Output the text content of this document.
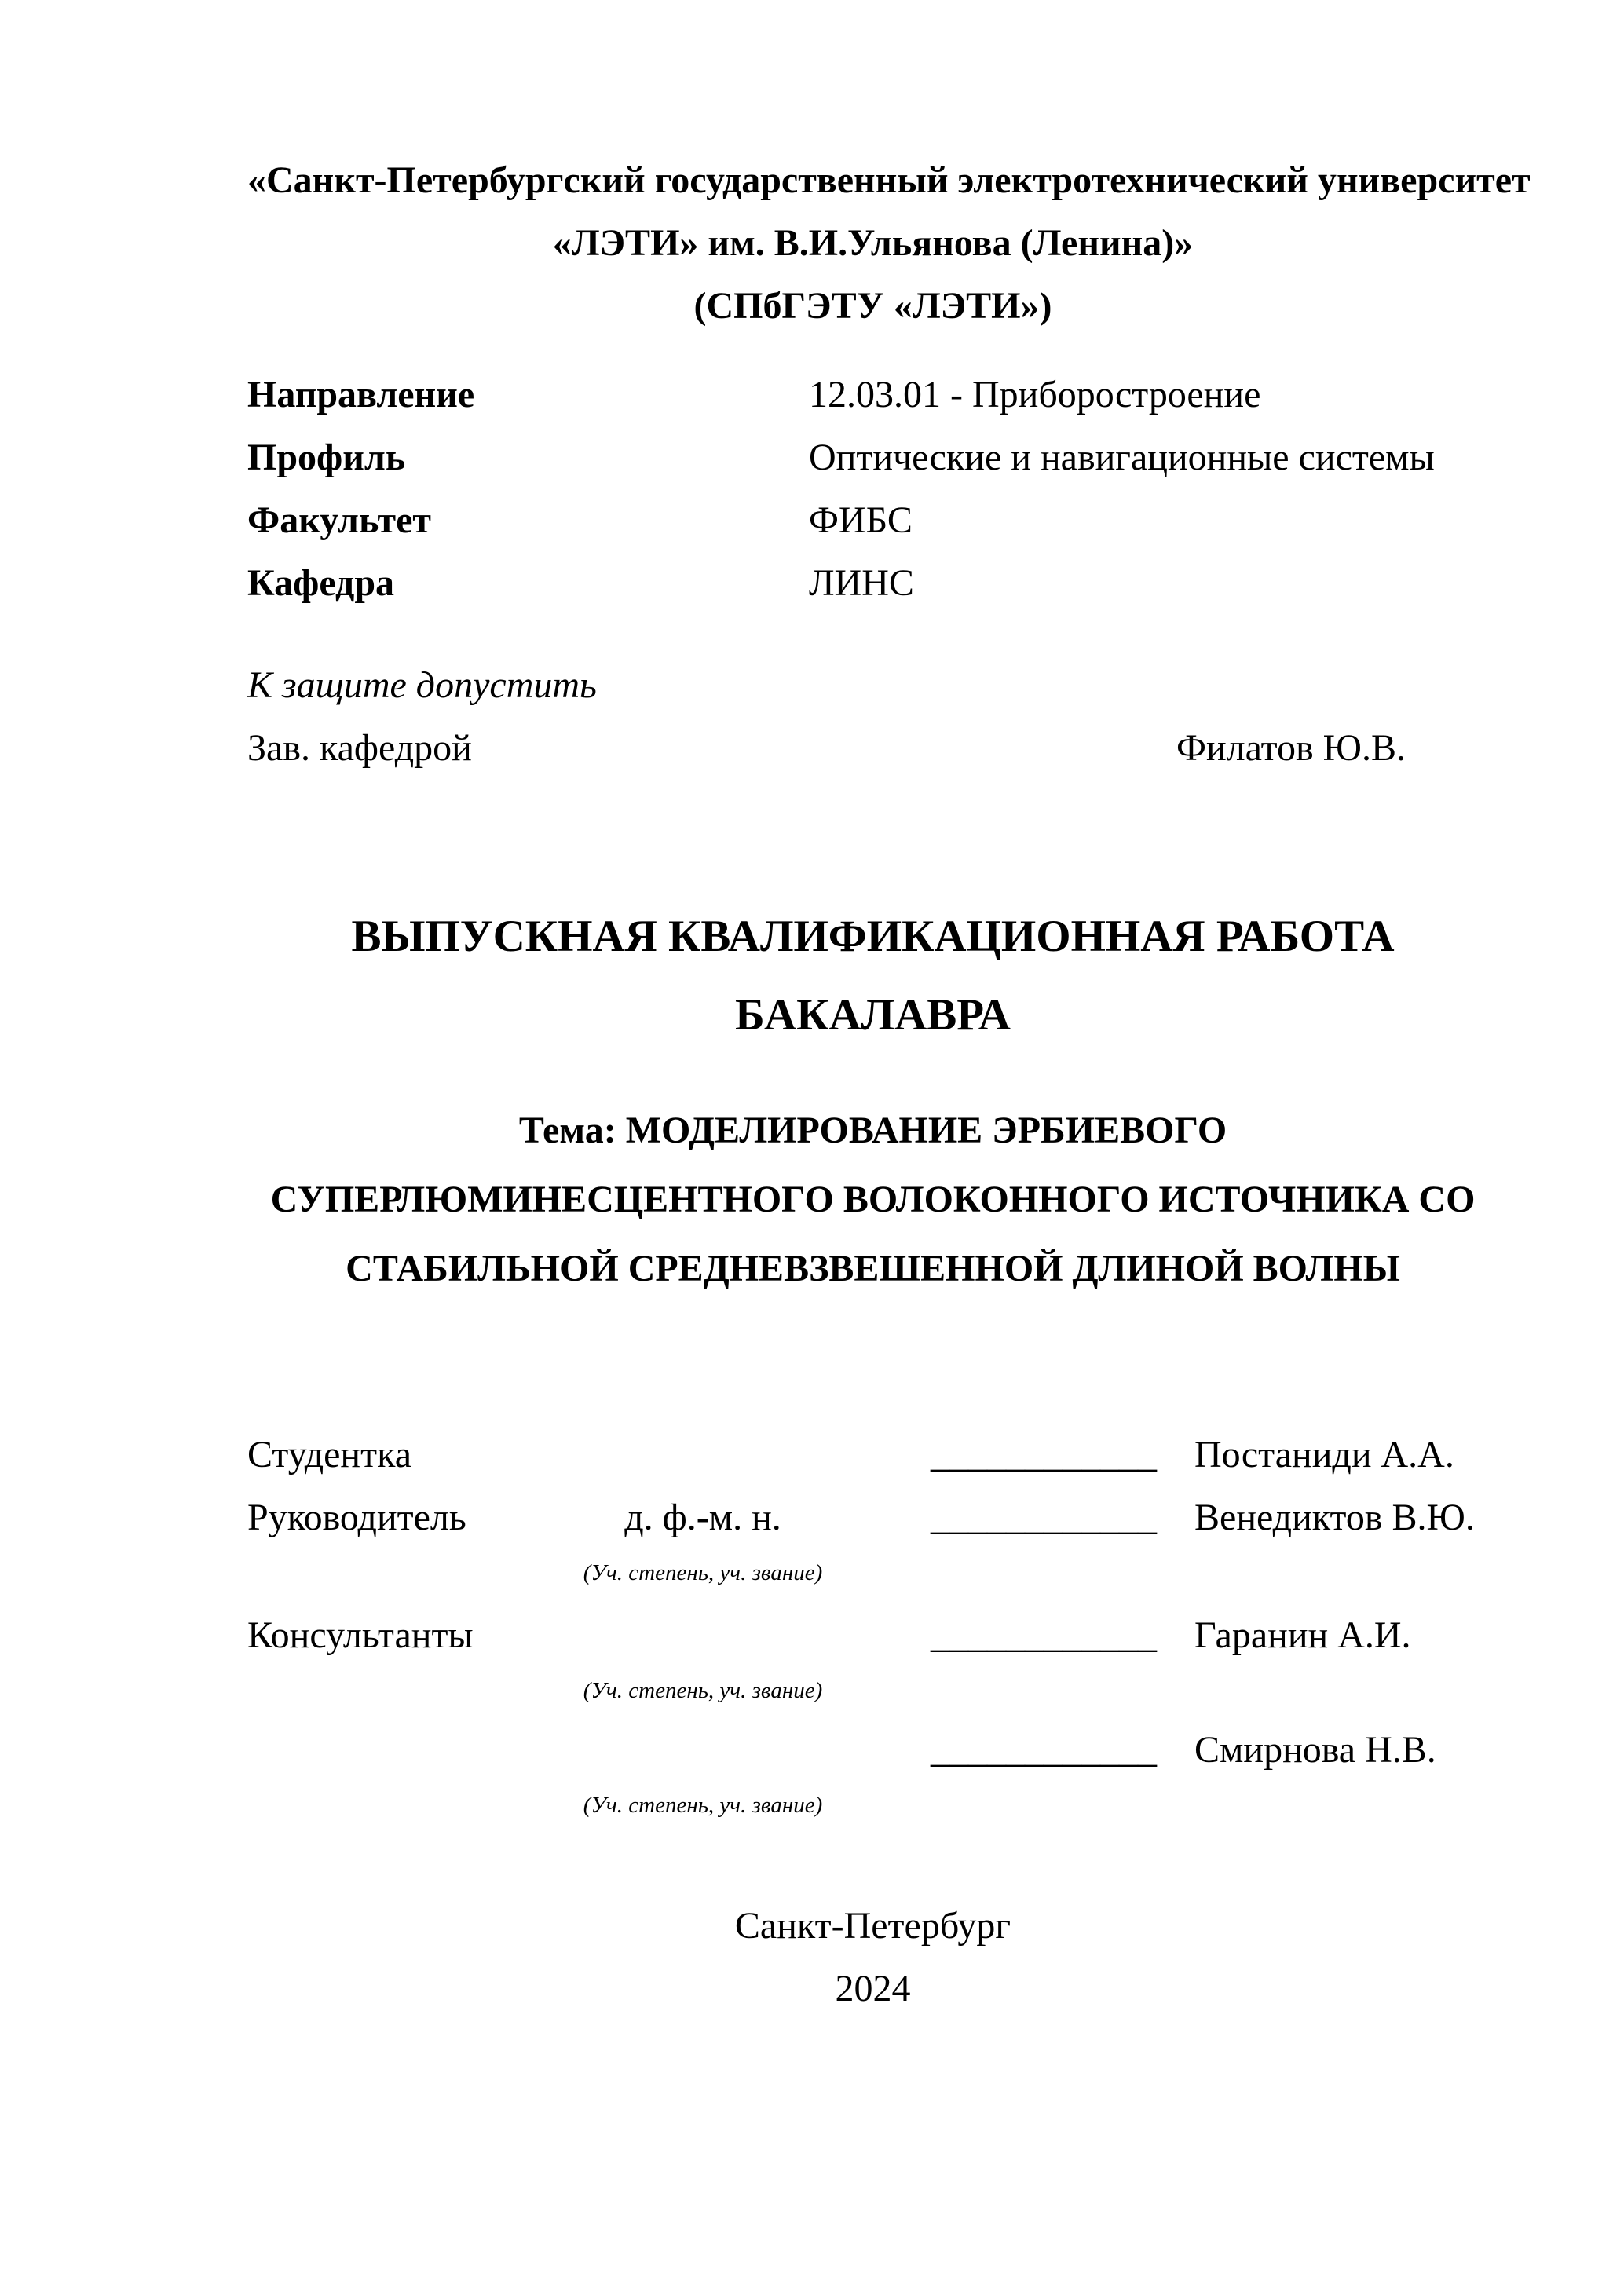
«Санкт-Петербургский государственный электротехнический университет
«ЛЭТИ» им. В.И.Ульянова (Ленина)»
(СПбГЭТУ «ЛЭТИ»)
Направление	12.03.01 - Приборостроение
Профиль	Оптические и навигационные системы
Факультет	ФИБС
Кафедра	ЛИНС
К защите допустить
Зав. кафедрой	Филатов Ю.В.
ВЫПУСКНАЯ КВАЛИФИКАЦИОННАЯ РАБОТА
БАКАЛАВРА
Тема: МОДЕЛИРОВАНИЕ ЭРБИЕВОГО
СУПЕРЛЮМИНЕСЦЕНТНОГО ВОЛОКОННОГО ИСТОЧНИКА СО
СТАБИЛЬНОЙ СРЕДНЕВЗВЕШЕННОЙ ДЛИНОЙ ВОЛНЫ
Студентка	____________ Постаниди А.А.
Руководитель	д. ф.-м. н.	____________ Венедиктов В.Ю.
(Уч. степень, уч. звание)
Консультанты	____________ Гаранин А.И.
(Уч. степень, уч. звание)
____________ Смирнова Н.В.
(Уч. степень, уч. звание)
Санкт-Петербург
2024
